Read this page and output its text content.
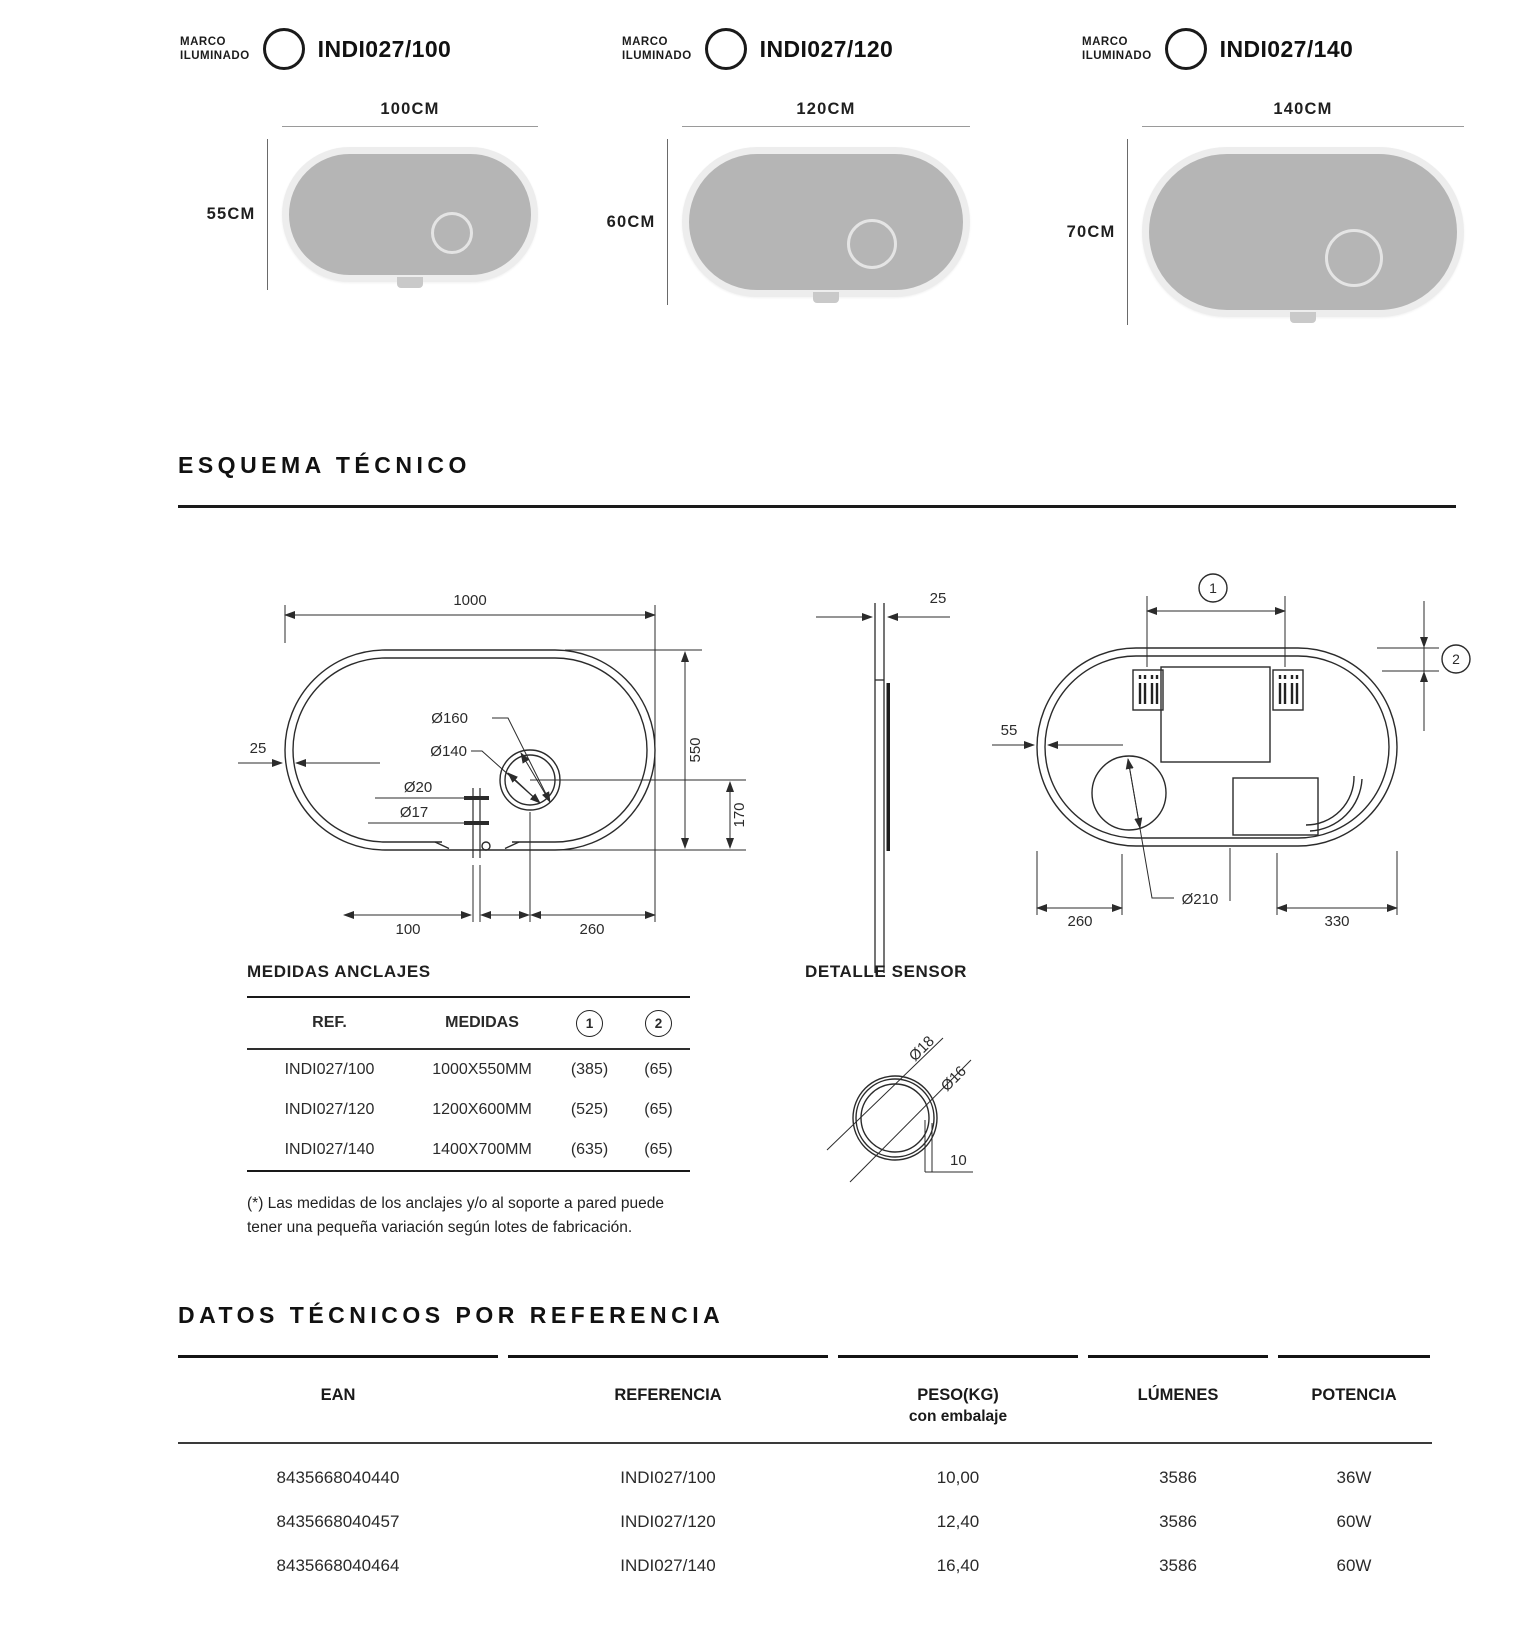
MARCO
ILUMINADO	INDI027/100
100CM
55CM
MARCO
ILUMINADO	INDI027/120
120CM
60CM
MARCO
ILUMINADO	INDI027/140
140CM
70CM
ESQUEMA TÉCNICO
1000
550
170
25
Ø160
Ø140
Ø20
Ø17
100	260
25
1
2
55
260
Ø210
330
MEDIDAS ANCLAJES
REF.	MEDIDAS	1	2
INDI027/100	1000X550MM	(385)	(65)
INDI027/120	1200X600MM	(525)	(65)
INDI027/140	1400X700MM	(635)	(65)

(*) Las medidas de los anclajes y/o al soporte a pared puede tener una pequeña variación según lotes de fabricación.

DETALLE SENSOR
Ø18
Ø16
10
DATOS TÉCNICOS POR REFERENCIA
EAN	REFERENCIA	PESO(KG)
con embalaje
LÚMENES	POTENCIA
8435668040440	INDI027/100	10,00	3586	36W
8435668040457	INDI027/120	12,40	3586	60W
8435668040464	INDI027/140	16,40	3586	60W
